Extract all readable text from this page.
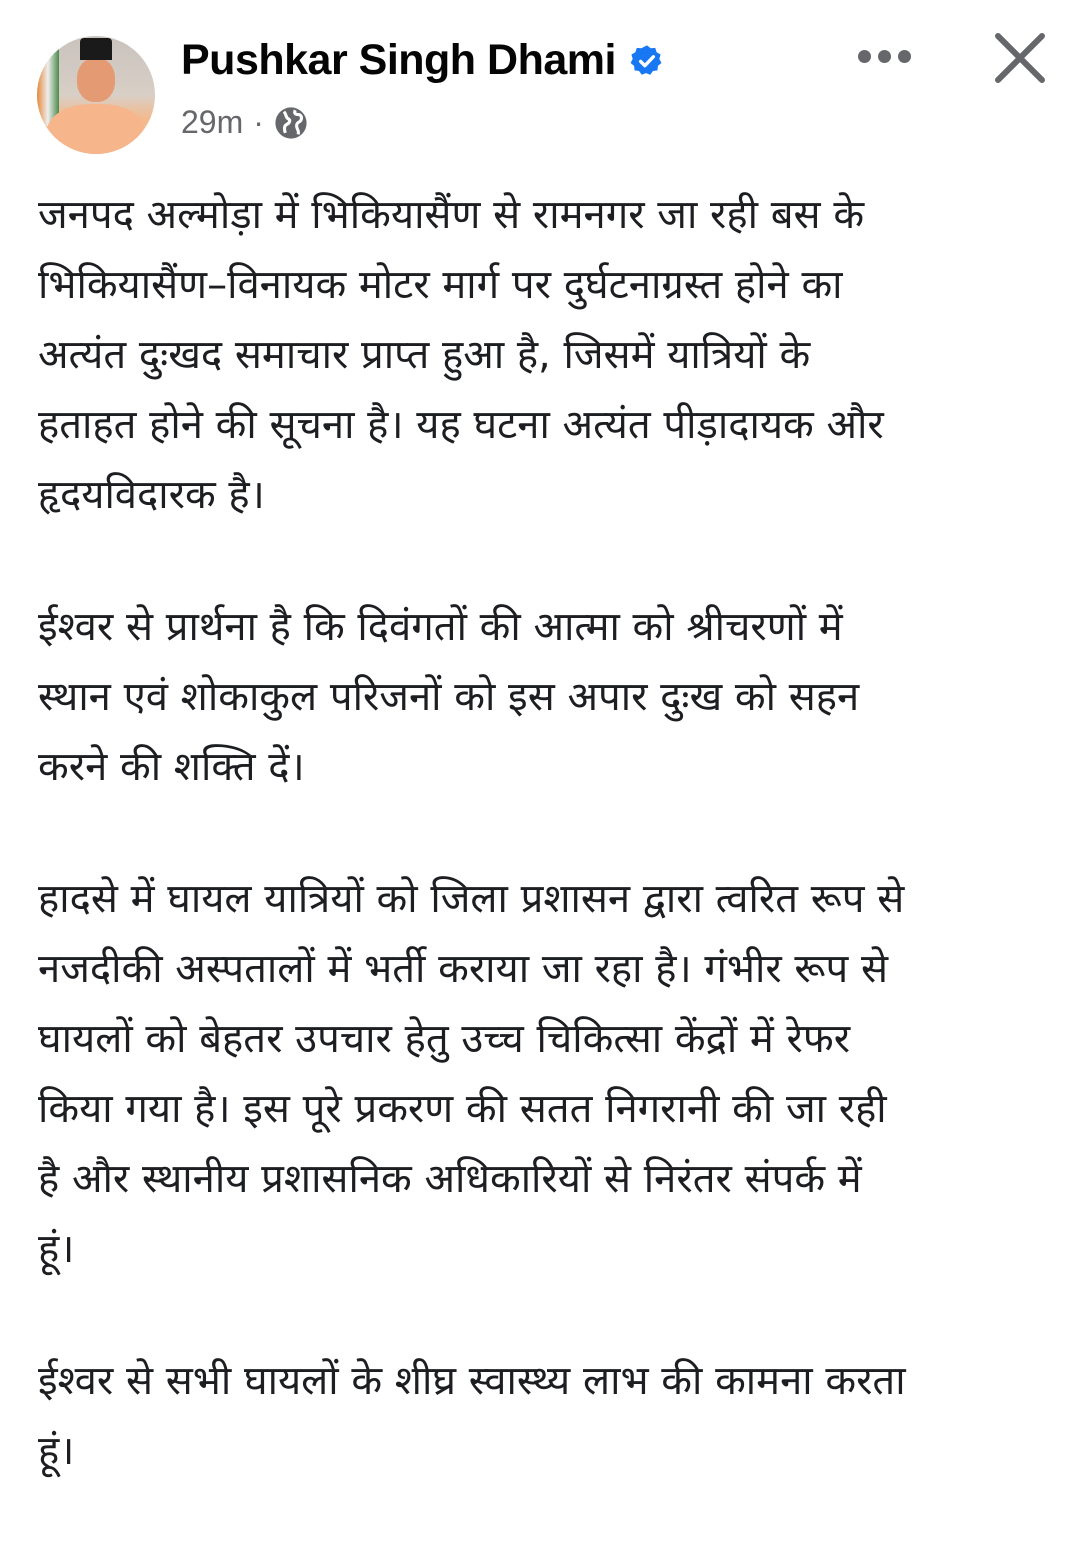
Pushkar Singh Dhami
29m ·
जनपद अल्मोड़ा में भिकियासैंण से रामनगर जा रही बस के
भिकियासैंण–विनायक मोटर मार्ग पर दुर्घटनाग्रस्त होने का
अत्यंत दुःखद समाचार प्राप्त हुआ है, जिसमें यात्रियों के
हताहत होने की सूचना है। यह घटना अत्यंत पीड़ादायक और
हृदयविदारक है।
ईश्वर से प्रार्थना है कि दिवंगतों की आत्मा को श्रीचरणों में
स्थान एवं शोकाकुल परिजनों को इस अपार दुःख को सहन
करने की शक्ति दें।
हादसे में घायल यात्रियों को जिला प्रशासन द्वारा त्वरित रूप से
नजदीकी अस्पतालों में भर्ती कराया जा रहा है। गंभीर रूप से
घायलों को बेहतर उपचार हेतु उच्च चिकित्सा केंद्रों में रेफर
किया गया है। इस पूरे प्रकरण की सतत निगरानी की जा रही
है और स्थानीय प्रशासनिक अधिकारियों से निरंतर संपर्क में
हूं।
ईश्वर से सभी घायलों के शीघ्र स्वास्थ्य लाभ की कामना करता
हूं।
